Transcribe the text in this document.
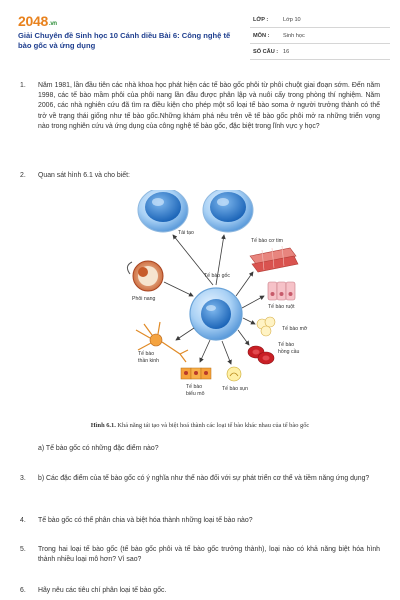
2048.vn
Giải Chuyên đề Sinh học 10 Cánh diều Bài 6: Công nghệ tế bào gốc và ứng dụng
LỚP :	Lớp 10
MÔN : Sinh học
SỐ CÂU : 16
1. Năm 1981, lần đầu tiên các nhà khoa học phát hiện các tế bào gốc phôi từ phôi chuột giai đoạn sớm. Đến năm 1998, các tế bào mầm phôi của phôi nang lần đầu được phân lập và nuôi cấy trong phòng thí nghiệm. Năm 2006, các nhà nghiên cứu đã tìm ra điều kiện cho phép một số loại tế bào soma ở người trưởng thành có thể trở về trạng thái giống như tế bào gốc.Những khám phá nêu trên về tế bào gốc phôi mở ra những triển vọng nào trong nghiên cứu và ứng dụng của công nghệ tế bào gốc, đặc biệt trong lĩnh vực y học?
2. Quan sát hình 6.1 và cho biết:
Tái tạo
Phôi nang
Tế bào gốc
Tế bào cơ tim
Tế bào ruột
Tế bào mỡ
Tế bào hồng cầu
Tế bào sụn
Tế bào
biểu mô
Tế bào thần kinh
Hình 6.1. Khả năng tái tạo và biệt hoá thành các loại tế bào khác nhau của tế bào gốc
a) Tế bào gốc có những đặc điểm nào?
3. b) Các đặc điểm của tế bào gốc có ý nghĩa như thế nào đối với sự phát triển cơ thể và tiềm năng ứng dụng?
4. Tế bào gốc có thể phân chia và biệt hóa thành những loại tế bào nào?
5. Trong hai loại tế bào gốc (tế bào gốc phôi và tế bào gốc trưởng thành), loại nào có khả năng biệt hóa hình thành nhiều loại mô hơn? Vì sao?
6. Hãy nêu các tiêu chí phân loại tế bào gốc.
